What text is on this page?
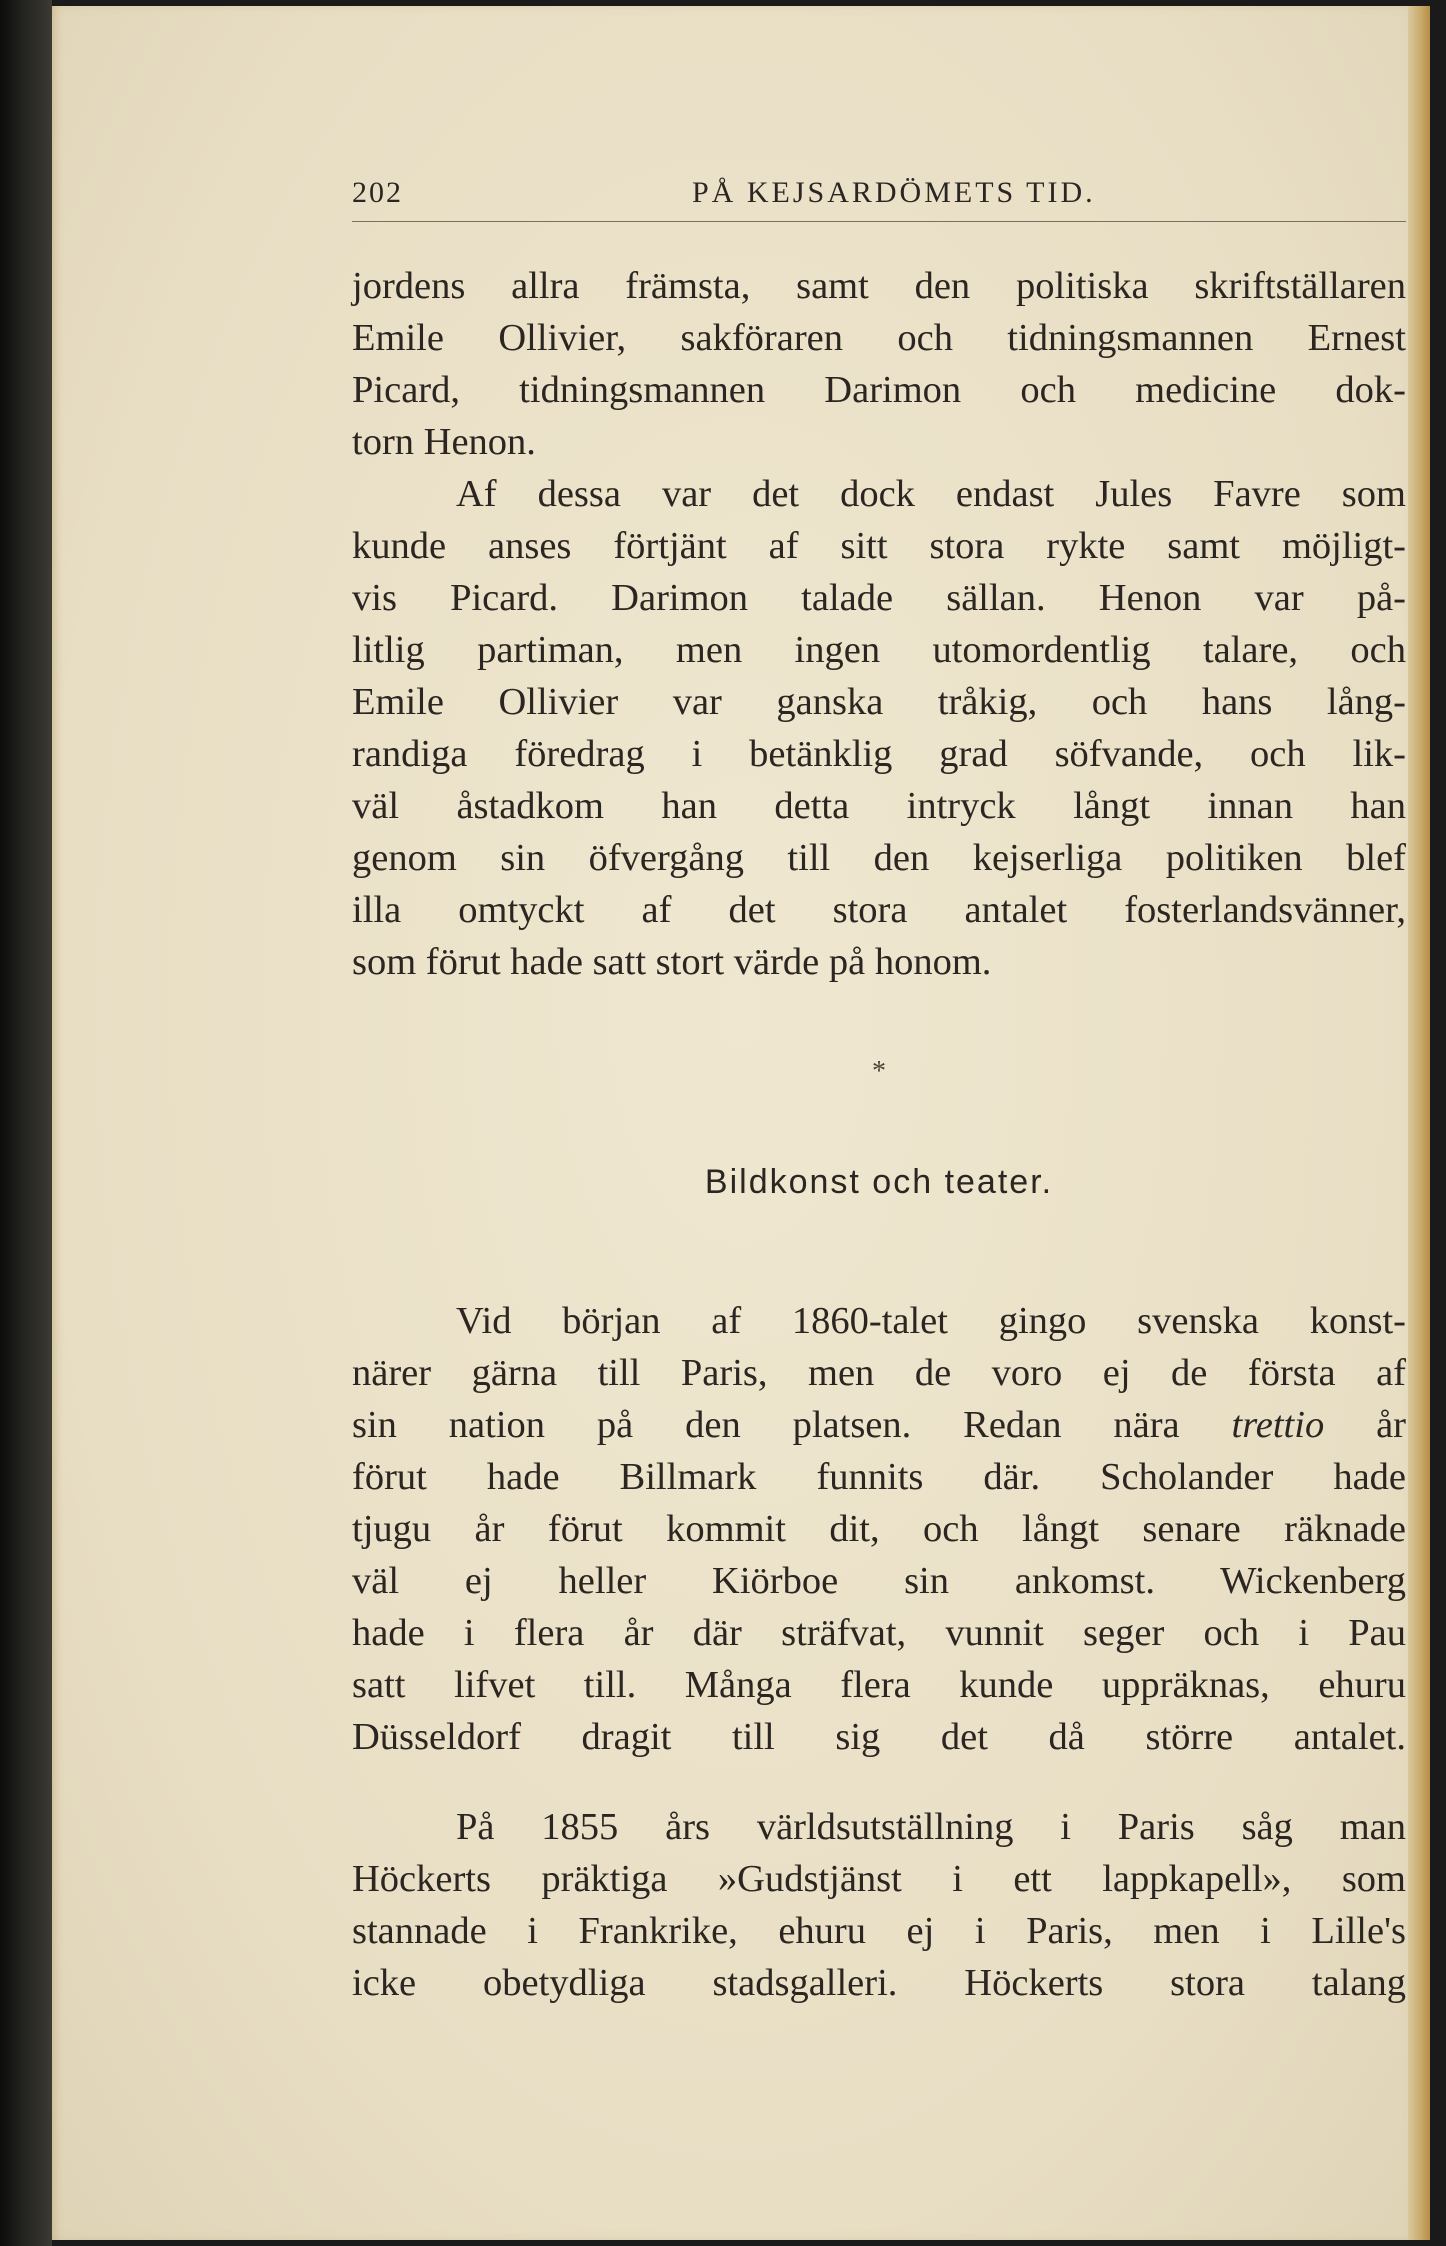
202	PÅ KEJSARDÖMETS TID.

jordens allra främsta, samt den politiska skriftställaren
Emile Ollivier, sakföraren och tidningsmannen Ernest
Picard, tidningsmannen Darimon och medicine dok-
torn Henon.

Af dessa var det dock endast Jules Favre som
kunde anses förtjänt af sitt stora rykte samt möjligt-
vis Picard. Darimon talade sällan. Henon var på-
litlig partiman, men ingen utomordentlig talare, och
Emile Ollivier var ganska tråkig, och hans lång-
randiga föredrag i betänklig grad söfvande, och lik-
väl åstadkom han detta intryck långt innan han
genom sin öfvergång till den kejserliga politiken blef
illa omtyckt af det stora antalet fosterlandsvänner,
som förut hade satt stort värde på honom.

*
Bildkonst och teater.

Vid början af 1860-talet gingo svenska konst-
närer gärna till Paris, men de voro ej de första af
sin nation på den platsen. Redan nära trettio år
förut hade Billmark funnits där. Scholander hade
tjugu år förut kommit dit, och långt senare räknade
väl ej heller Kiörboe sin ankomst. Wickenberg
hade i flera år där sträfvat, vunnit seger och i Pau
satt lifvet till. Många flera kunde uppräknas, ehuru
Düsseldorf dragit till sig det då större antalet.

På 1855 års världsutställning i Paris såg man
Höckerts präktiga »Gudstjänst i ett lappkapell», som
stannade i Frankrike, ehuru ej i Paris, men i Lille's
icke obetydliga stadsgalleri. Höckerts stora talang
